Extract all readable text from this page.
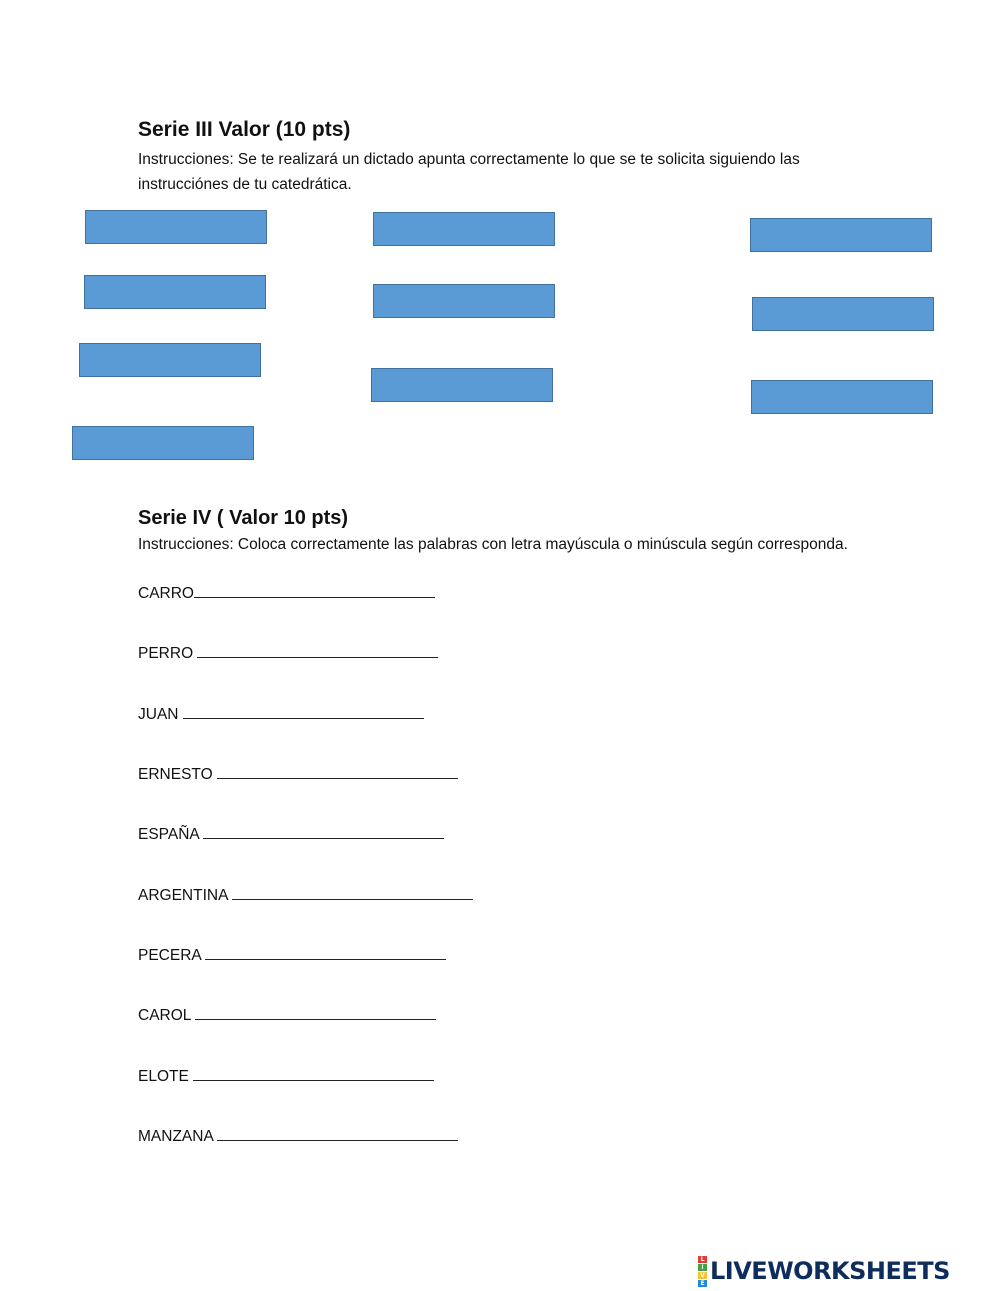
Serie III Valor (10 pts)

Instrucciones: Se te realizará un dictado apunta correctamente lo que se te solicita siguiendo las instrucciónes de tu catedrática.

Serie IV ( Valor 10 pts)

Instrucciones: Coloca correctamente las palabras con letra mayúscula o minúscula según corresponda.

CARRO
PERRO
JUAN
ERNESTO
ESPAÑA
ARGENTINA
PECERA
CAROL
ELOTE
MANZANA
L
I
V
E LIVEWORKSHEETS
